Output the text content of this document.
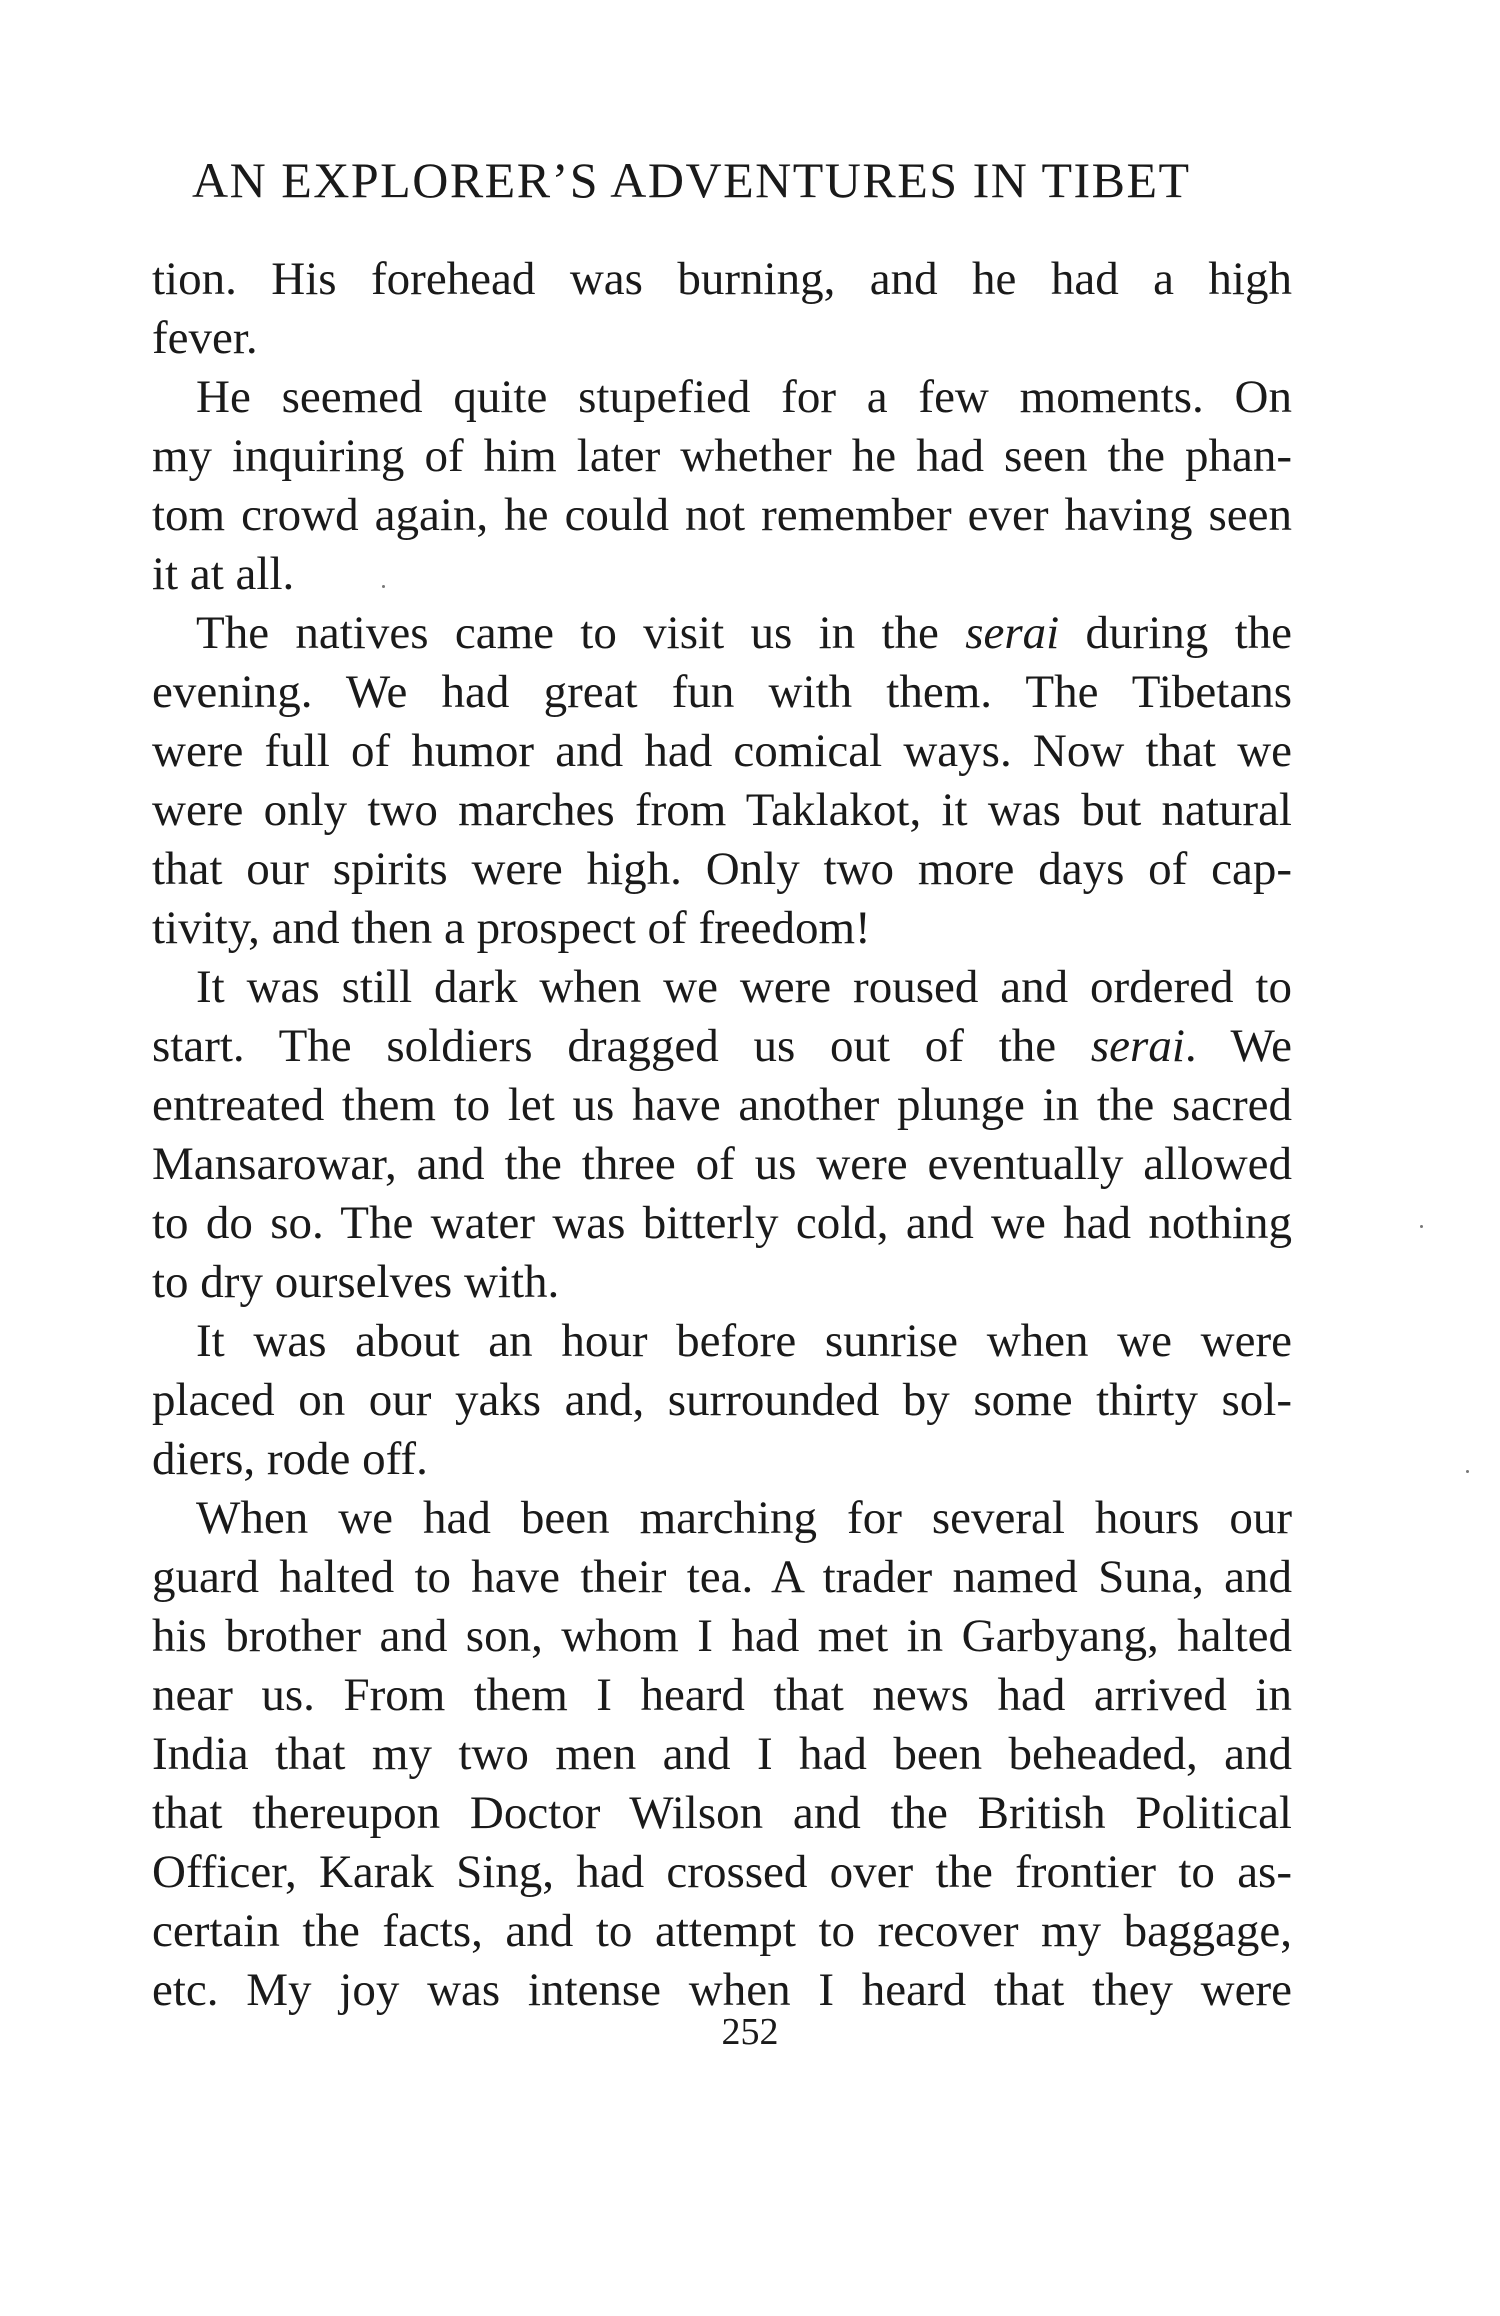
AN EXPLORER’S ADVENTURES IN TIBET
tion. His forehead was burning, and he had a high
fever.
He seemed quite stupefied for a few moments. On
my inquiring of him later whether he had seen the phan-
tom crowd again, he could not remember ever having seen
it at all.
The natives came to visit us in the serai during the
evening. We had great fun with them. The Tibetans
were full of humor and had comical ways. Now that we
were only two marches from Taklakot, it was but natural
that our spirits were high. Only two more days of cap-
tivity, and then a prospect of freedom!
It was still dark when we were roused and ordered to
start. The soldiers dragged us out of the serai. We
entreated them to let us have another plunge in the sacred
Mansarowar, and the three of us were eventually allowed
to do so. The water was bitterly cold, and we had nothing
to dry ourselves with.
It was about an hour before sunrise when we were
placed on our yaks and, surrounded by some thirty sol-
diers, rode off.
When we had been marching for several hours our
guard halted to have their tea. A trader named Suna, and
his brother and son, whom I had met in Garbyang, halted
near us. From them I heard that news had arrived in
India that my two men and I had been beheaded, and
that thereupon Doctor Wilson and the British Political
Officer, Karak Sing, had crossed over the frontier to as-
certain the facts, and to attempt to recover my baggage,
etc. My joy was intense when I heard that they were
252
